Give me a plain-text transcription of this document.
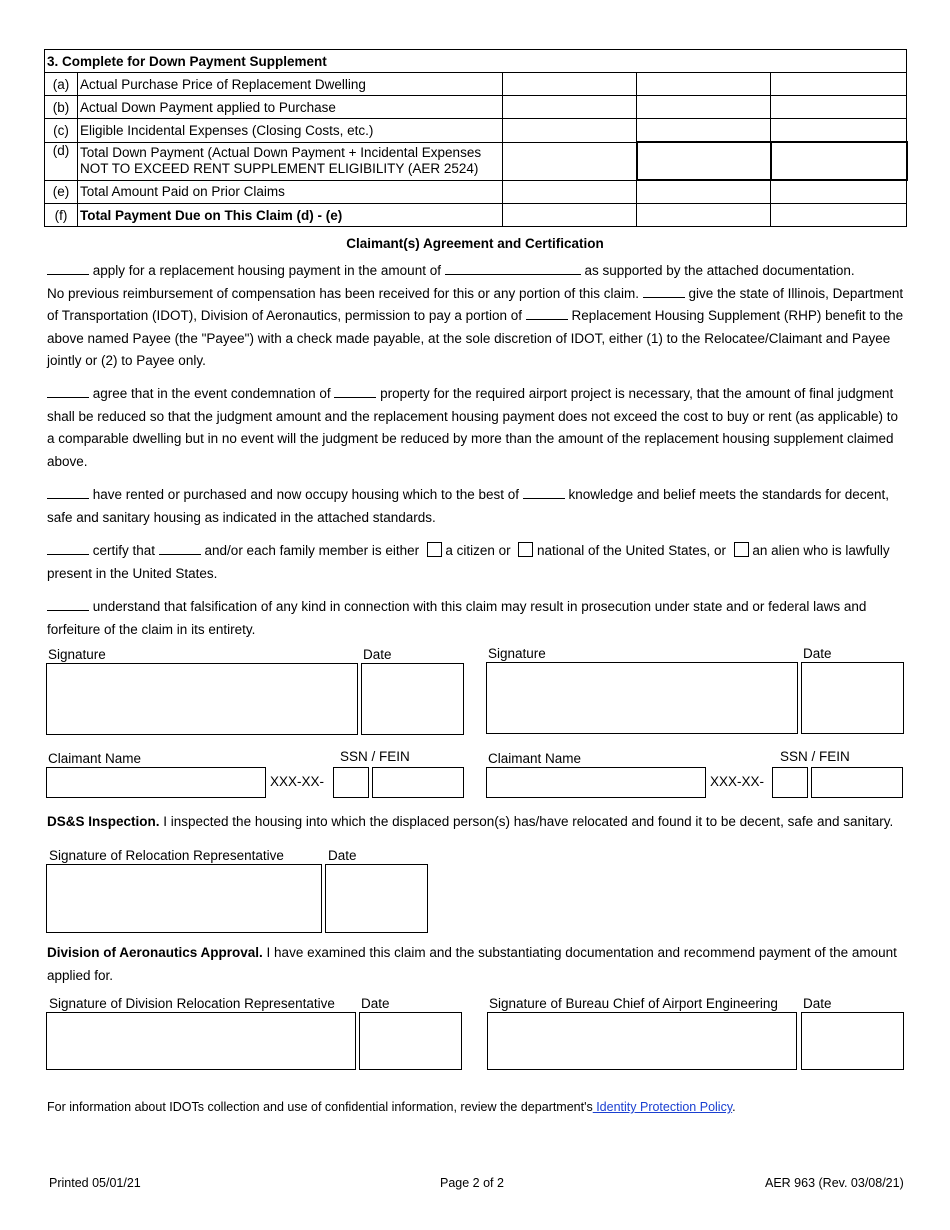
3. Complete for Down Payment Supplement				
(a)	Actual Purchase Price of Replacement Dwelling			
(b)	Actual Down Payment applied to Purchase			
(c)	Eligible Incidental Expenses (Closing Costs, etc.)			
(d)	Total Down Payment (Actual Down Payment + Incidental Expenses
NOT TO EXCEED RENT SUPPLEMENT ELIGIBILITY (AER 2524)

(e)	Total Amount Paid on Prior Claims			
(f)	Total Payment Due on This Claim (d) - (e)			
Claimant(s) Agreement and Certification
apply for a replacement housing payment in the amount of	as supported by the attached documentation.
No previous reimbursement of compensation has been received for this or any portion of this claim.	give the state of Illinois, Department of Transportation (IDOT), Division of Aeronautics, permission to pay a portion of	Replacement Housing Supplement (RHP) benefit to the above named Payee (the "Payee") with a check made payable, at the sole discretion of IDOT, either (1) to the Relocatee/Claimant and Payee jointly or (2) to Payee only.
agree that in the event condemnation of	property for the required airport project is necessary, that the amount of final judgment shall be reduced so that the judgment amount and the replacement housing payment does not exceed the cost to buy or rent (as applicable) to a comparable dwelling but in no event will the judgment be reduced by more than the amount of the replacement housing supplement claimed above.
have rented or purchased and now occupy housing which to the best of	knowledge and belief meets the standards for decent, safe and sanitary housing as indicated in the attached standards.
certify that	and/or each family member is either   a citizen or   national of the United States, or   an alien who is lawfully present in the United States.
understand that falsification of any kind in connection with this claim may result in prosecution under state and or federal laws and forfeiture of the claim in its entirety.
Signature	Date
Claimant Name	SSN / FEIN
XXX-XX-
Signature	Date
Claimant Name	SSN / FEIN
XXX-XX-
DS&S Inspection. I inspected the housing into which the displaced person(s) has/have relocated and found it to be decent, safe and sanitary.
Signature of Relocation Representative	Date
Division of Aeronautics Approval. I have examined this claim and the substantiating documentation and recommend payment of the amount applied for.
Signature of Division Relocation Representative Date	Signature of Bureau Chief of Airport Engineering Date
For information about IDOTs collection and use of confidential information, review the department's Identity Protection Policy.
Printed 05/01/21	Page 2 of 2	AER 963 (Rev. 03/08/21)
